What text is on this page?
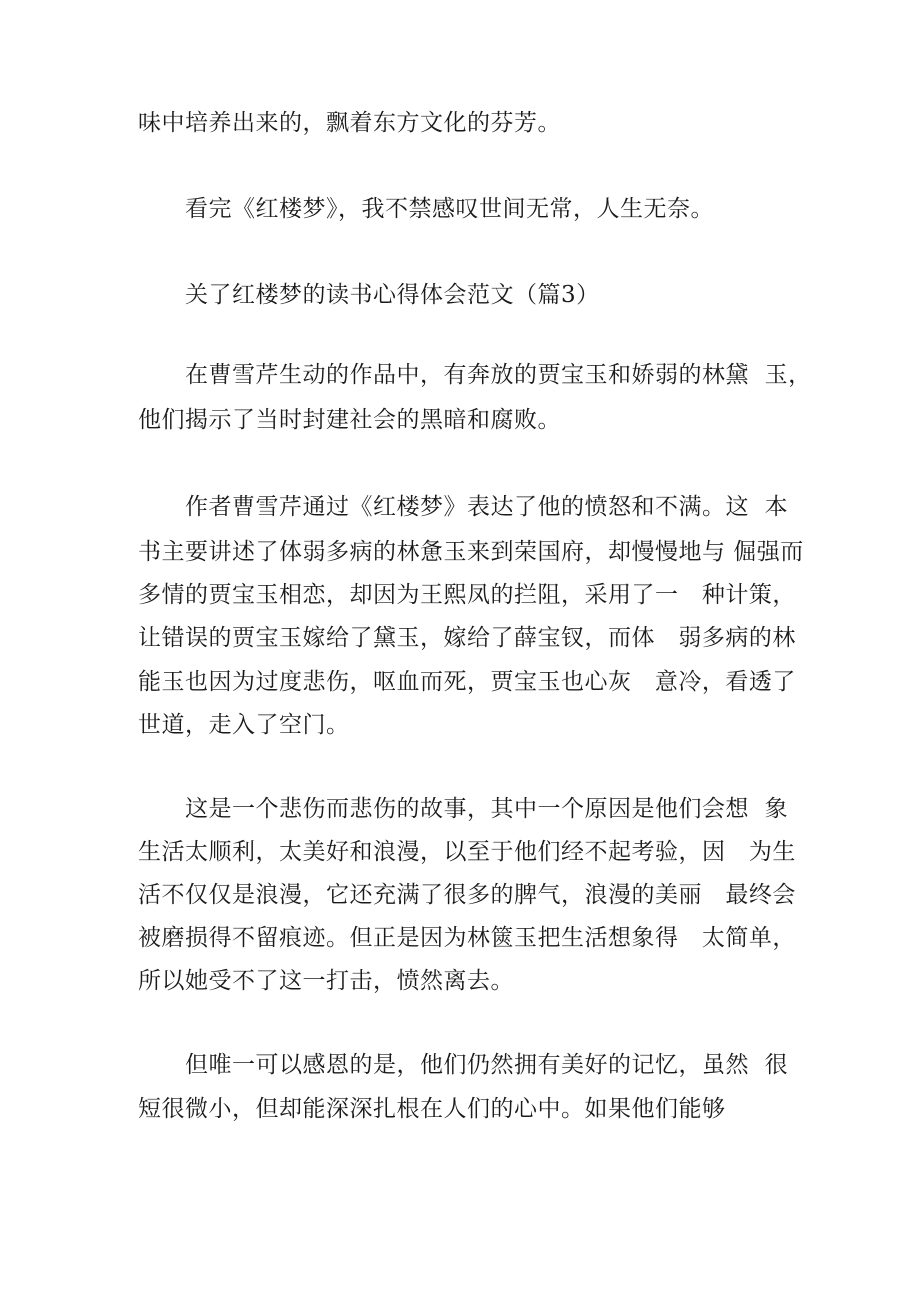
味中培养出来的，飘着东方文化的芬芳。
看完《红楼梦》，我不禁感叹世间无常，人生无奈。
关了红楼梦的读书心得体会范文（篇3）
在曹雪芹生动的作品中，有奔放的贾宝玉和娇弱的林黛  玉，
他们揭示了当时封建社会的黑暗和腐败。
作者曹雪芹通过《红楼梦》表达了他的愤怒和不满。这  本
书主要讲述了体弱多病的林惫玉来到荣国府，却慢慢地与 倔强而
多情的贾宝玉相恋，却因为王熙凤的拦阻，采用了一   种计策，
让错误的贾宝玉嫁给了黛玉，嫁给了薛宝钗，而体   弱多病的林
能玉也因为过度悲伤，呕血而死，贾宝玉也心灰   意冷，看透了
世道，走入了空门。
这是一个悲伤而悲伤的故事，其中一个原因是他们会想  象
生活太顺利，太美好和浪漫，以至于他们经不起考验，因   为生
活不仅仅是浪漫，它还充满了很多的脾气，浪漫的美丽   最终会
被磨损得不留痕迹。但正是因为林篋玉把生活想象得   太简单，
所以她受不了这一打击，愤然离去。
但唯一可以感恩的是，他们仍然拥有美好的记忆，虽然  很
短很微小，但却能深深扎根在人们的心中。如果他们能够
